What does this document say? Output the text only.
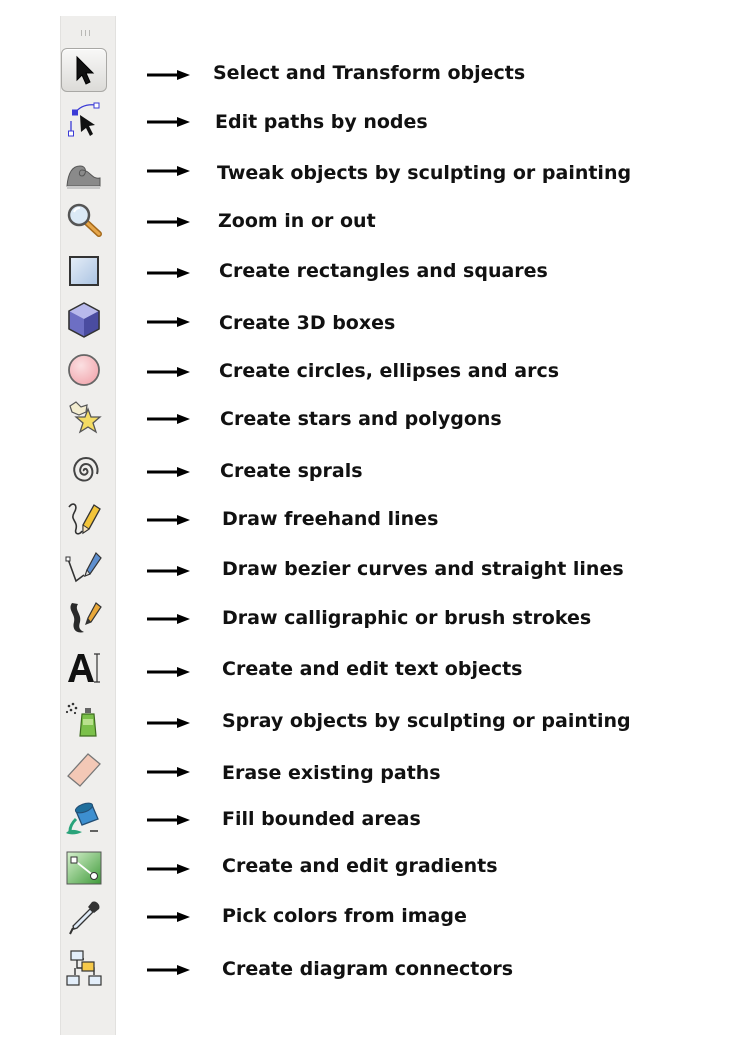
Select and Transform objects
Edit paths by nodes
Tweak objects by sculpting or painting
Zoom in or out
Create rectangles and squares
Create 3D boxes
Create circles, ellipses and arcs
Create stars and polygons
Create sprals
Draw freehand lines
Draw bezier curves and straight lines
Draw calligraphic or brush strokes
Create and edit text objects
Spray objects by sculpting or painting
Erase existing paths
Fill bounded areas
Create and edit gradients
Pick colors from image
Create diagram connectors
